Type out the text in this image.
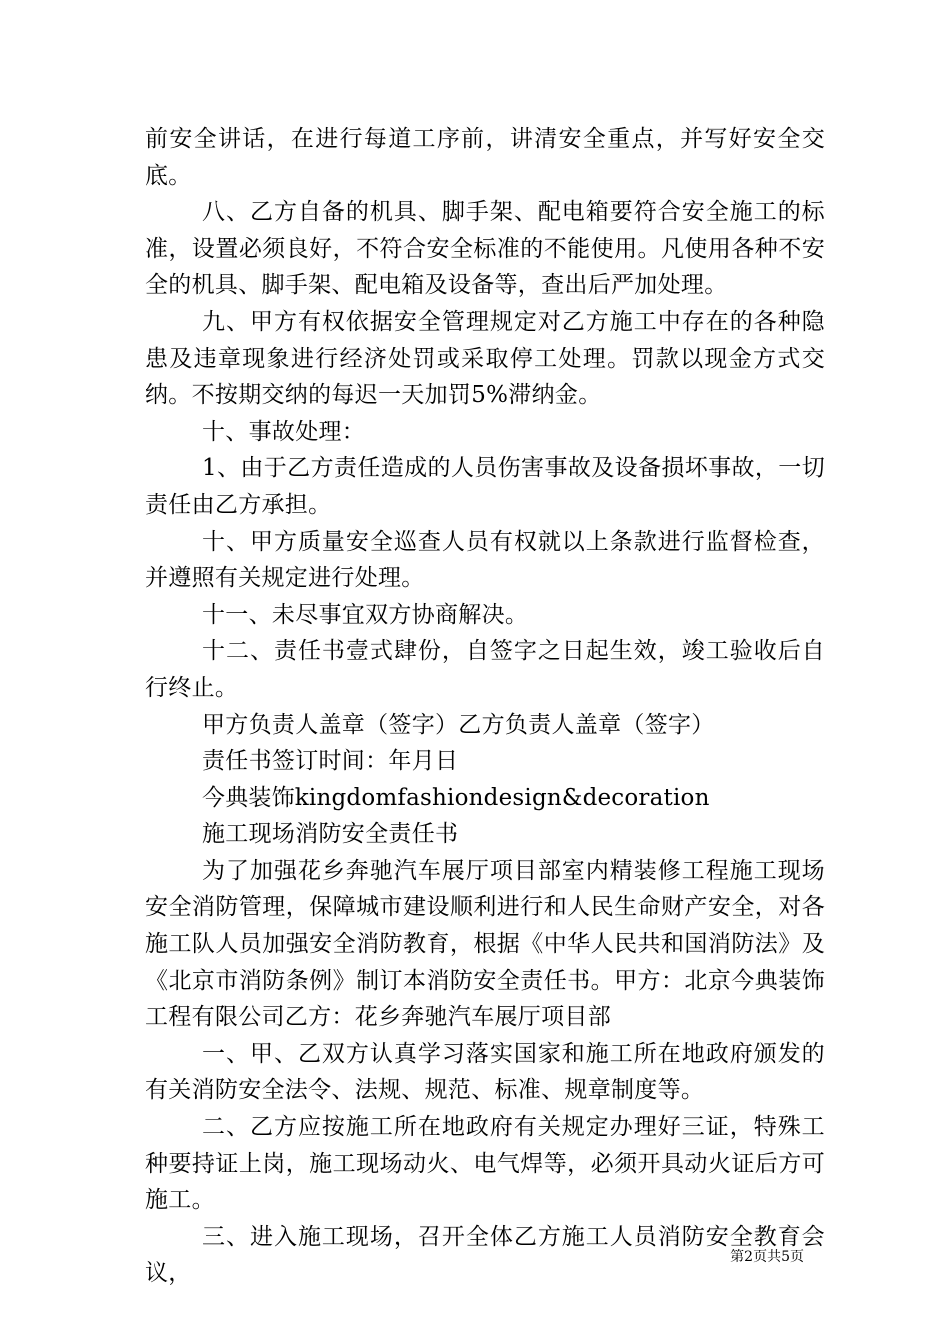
前安全讲话，在进行每道工序前，讲清安全重点，并写好安全交底。

八、乙方自备的机具、脚手架、配电箱要符合安全施工的标准，设置必须良好，不符合安全标准的不能使用。凡使用各种不安全的机具、脚手架、配电箱及设备等，查出后严加处理。

九、甲方有权依据安全管理规定对乙方施工中存在的各种隐患及违章现象进行经济处罚或采取停工处理。罚款以现金方式交纳。不按期交纳的每迟一天加罚5%滞纳金。

十、事故处理：

1、由于乙方责任造成的人员伤害事故及设备损坏事故，一切责任由乙方承担。

十、甲方质量安全巡查人员有权就以上条款进行监督检查，并遵照有关规定进行处理。

十一、未尽事宜双方协商解决。

十二、责任书壹式肆份，自签字之日起生效，竣工验收后自行终止。

甲方负责人盖章（签字）乙方负责人盖章（签字）

责任书签订时间：年月日

今典装饰kingdomfashiondesign&decoration

施工现场消防安全责任书

为了加强花乡奔驰汽车展厅项目部室内精装修工程施工现场安全消防管理，保障城市建设顺利进行和人民生命财产安全，对各施工队人员加强安全消防教育，根据《中华人民共和国消防法》及《北京市消防条例》制订本消防安全责任书。甲方：北京今典装饰工程有限公司乙方：花乡奔驰汽车展厅项目部

一、甲、乙双方认真学习落实国家和施工所在地政府颁发的有关消防安全法令、法规、规范、标准、规章制度等。

二、乙方应按施工所在地政府有关规定办理好三证，特殊工种要持证上岗，施工现场动火、电气焊等，必须开具动火证后方可施工。

三、进入施工现场，召开全体乙方施工人员消防安全教育会议，

第2页共5页
